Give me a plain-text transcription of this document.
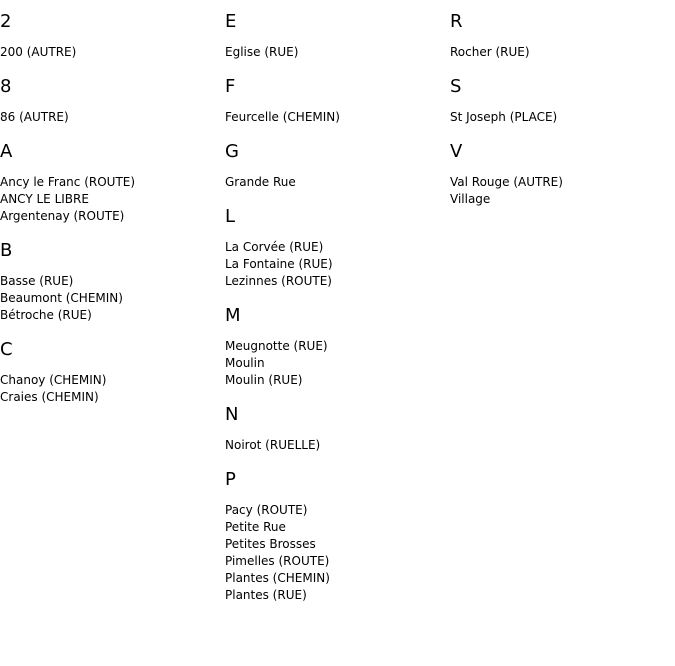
2
200 (AUTRE)
8
86 (AUTRE)
A
Ancy le Franc (ROUTE)
ANCY LE LIBRE
Argentenay (ROUTE)
B
Basse (RUE)
Beaumont (CHEMIN)
Bétroche (RUE)
C
Chanoy (CHEMIN)
Craies (CHEMIN)
E
Eglise (RUE)
F
Feurcelle (CHEMIN)
G
Grande Rue
L
La Corvée (RUE)
La Fontaine (RUE)
Lezinnes (ROUTE)
M
Meugnotte (RUE)
Moulin
Moulin (RUE)
N
Noirot (RUELLE)
P
Pacy (ROUTE)
Petite Rue
Petites Brosses
Pimelles (ROUTE)
Plantes (CHEMIN)
Plantes (RUE)
R
Rocher (RUE)
S
St Joseph (PLACE)
V
Val Rouge (AUTRE)
Village
